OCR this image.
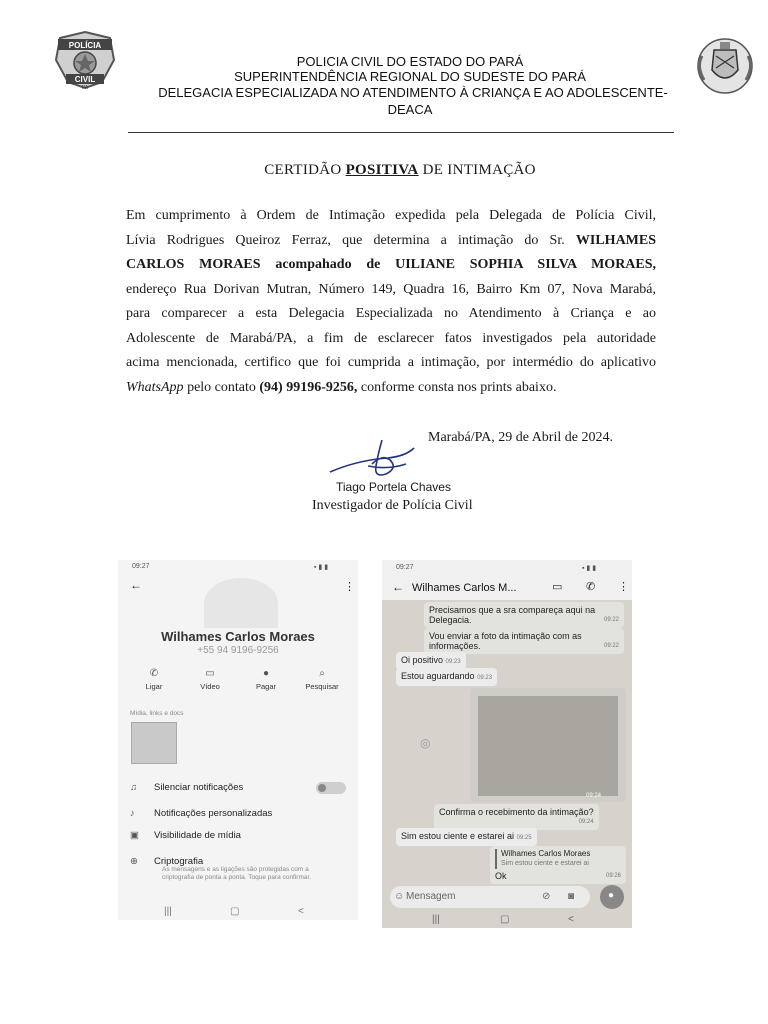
POLÍCIA
CIVIL
PA
POLICIA CIVIL DO ESTADO DO PARÁ
SUPERINTENDÊNCIA REGIONAL DO SUDESTE DO PARÁ
DELEGACIA ESPECIALIZADA NO ATENDIMENTO À CRIANÇA E AO ADOLESCENTE-
DEACA
CERTIDÃO POSITIVA DE INTIMAÇÃO
Em cumprimento à Ordem de Intimação expedida pela Delegada de Polícia Civil,
Lívia Rodrigues Queiroz Ferraz, que determina a intimação do Sr. WILHAMES
CARLOS MORAES acompahado de UILIANE SOPHIA SILVA MORAES,
endereço Rua Dorivan Mutran, Número 149, Quadra 16, Bairro Km 07, Nova Marabá,
para comparecer a esta Delegacia Especializada no Atendimento à Criança e ao
Adolescente de Marabá/PA, a fim de esclarecer fatos investigados pela autoridade
acima mencionada, certifico que foi cumprida a intimação, por intermédio do aplicativo
WhatsApp pelo contato (94) 99196-9256, conforme consta nos prints abaixo.
Marabá/PA, 29 de Abril de 2024.
Tiago Portela Chaves
Investigador de Polícia Civil
09:27	▪ ▮ ▮
←	⋮
Wilhames Carlos Moraes
+55 94 9196-9256
✆
Ligar
▭
Vídeo
●
Pagar
⌕
Pesquisar
Mídia, links e docs
♫ Silenciar notificações
♪ Notificações personalizadas
▣ Visibilidade de mídia
⊕ Criptografia
As mensagens e as ligações são protegidas com a criptografia de ponta a ponta. Toque para confirmar.
|||	▢	<
09:27	▪ ▮ ▮
← Wilhames Carlos M...	▭ ✆ ⋮
Precisamos que a sra compareça aqui na Delegacia.	09:22
Vou enviar a foto da intimação com as informações.	09:22
Oi positivo 09:23
Estou aguardando 09:23
09:24
◎
Confirma o recebimento da intimação?
09:24
Sim estou ciente e estarei ai 09:25
Wilhames Carlos Moraes
Sim estou ciente e estarei ai
Ok	09:26
☺ Mensagem	⊘ ◙	●
|||	▢	<
